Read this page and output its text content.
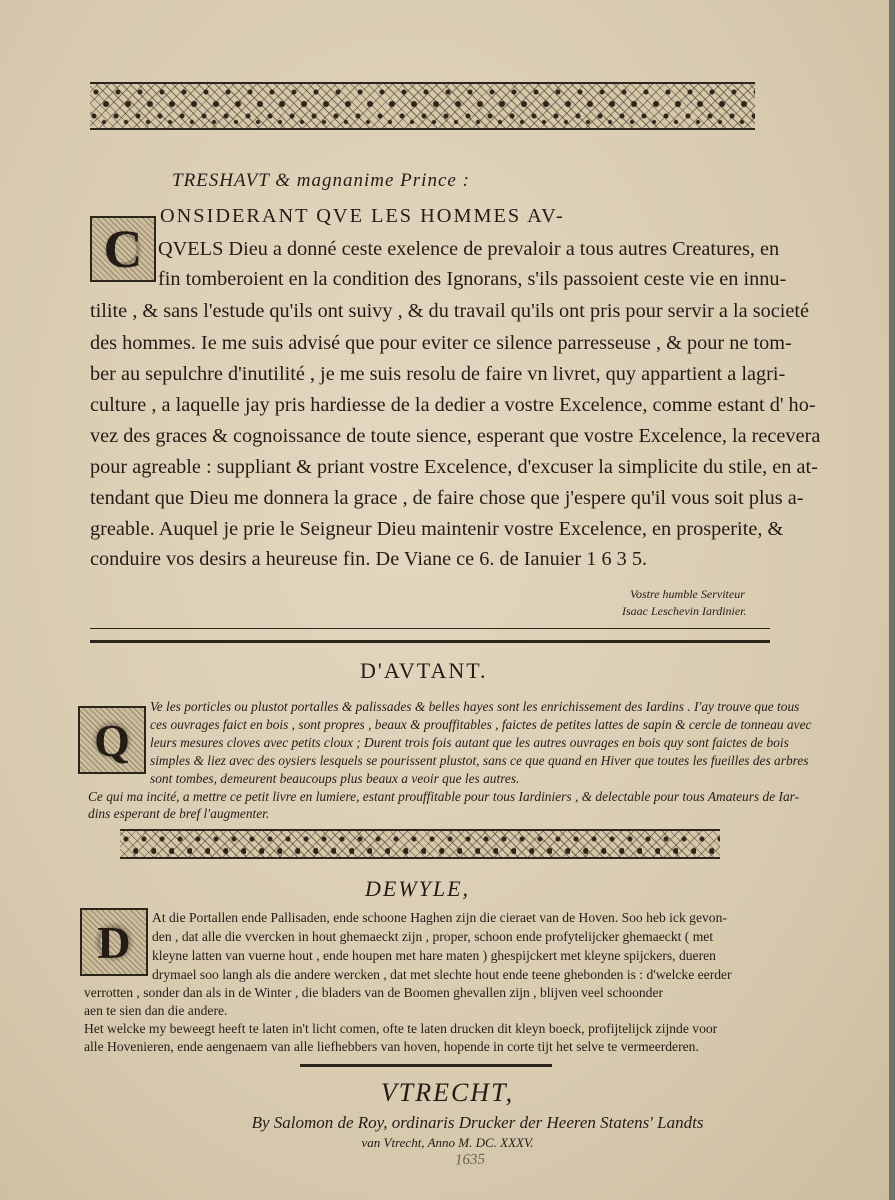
TRESHAVT & magnanime Prince :
C
ONSIDERANT QVE LES HOMMES AV-
QVELS Dieu a donné ceste exelence de prevaloir a tous autres Creatures, en
fin tomberoient en la condition des Ignorans, s'ils passoient ceste vie en innu-
tilite , & sans l'estude qu'ils ont suivy , & du travail qu'ils ont pris pour servir a la societé
des hommes. Ie me suis advisé que pour eviter ce silence parresseuse , & pour ne tom-
ber au sepulchre d'inutilité , je me suis resolu de faire vn livret, quy appartient a lagri-
culture , a laquelle jay pris hardiesse de la dedier a vostre Excelence, comme estant d' ho-
vez des graces & cognoissance de toute sience, esperant que vostre Excelence, la recevera
pour agreable : suppliant & priant vostre Excelence, d'excuser la simplicite du stile, en at-
tendant que Dieu me donnera la grace , de faire chose que j'espere qu'il vous soit plus a-
greable. Auquel je prie le Seigneur Dieu maintenir vostre Excelence, en prosperite, &
conduire vos desirs a heureuse fin. De Viane ce 6. de Ianuier 1 6 3 5.
Vostre humble Serviteur
Isaac Leschevin Iardinier.
D'AVTANT.
Q
Ve les porticles ou plustot portalles & palissades & belles hayes sont les enrichissement des Iardins . I'ay trouve que tous
ces ouvrages faict en bois , sont propres , beaux & prouffitables , faictes de petites lattes de sapin & cercle de tonneau avec
leurs mesures cloves avec petits cloux ; Durent trois fois autant que les autres ouvrages en bois quy sont faictes de bois
simples & liez avec des oysiers lesquels se pourissent plustot, sans ce que quand en Hiver que toutes les fueilles des arbres
sont tombes, demeurent beaucoups plus beaux a veoir que les autres.
Ce qui ma incité, a mettre ce petit livre en lumiere, estant prouffitable pour tous Iardiniers , & delectable pour tous Amateurs de Iar-
dins esperant de bref l'augmenter.
DEWYLE,
D	At die Portallen ende Pallisaden, ende schoone Haghen zijn die cieraet van de Hoven. Soo heb ick gevon-
den , dat alle die vvercken in hout ghemaeckt zijn , proper, schoon ende profytelijcker ghemaeckt ( met
kleyne latten van vuerne hout , ende houpen met hare maten ) ghespijckert met kleyne spijckers, dueren
drymael soo langh als die andere wercken , dat met slechte hout ende teene ghebonden is : d'welcke eerder
verrotten , sonder dan als in de Winter , die bladers van de Boomen ghevallen zijn , blijven veel schoonder
aen te sien dan die andere.
Het welcke my beweegt heeft te laten in't licht comen, ofte te laten drucken dit kleyn boeck, profijtelijck zijnde voor
alle Hovenieren, ende aengenaem van alle liefhebbers van hoven, hopende in corte tijt het selve te vermeerderen.
VTRECHT,
By Salomon de Roy, ordinaris Drucker der Heeren Statens' Landts
van Vtrecht, Anno M. DC. XXXV.
1635
